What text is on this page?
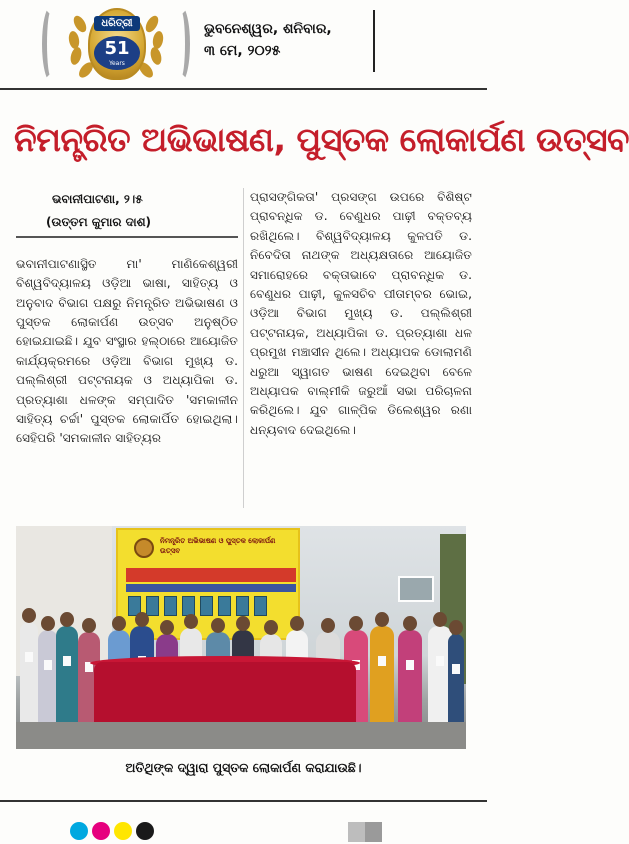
ଧରିତ୍ରୀ
51
Years
ଭୁବନେଶ୍ୱର, ଶନିବାର,
୩ ମେ, ୨୦୨୫
ନିମନ୍ତ୍ରିତ ଅଭିଭାଷଣ, ପୁସ୍ତକ ଲୋକାର୍ପଣ ଉତ୍ସବ
ଭବାନୀପାଟଣା, ୨।୫
(ଉତ୍ତମ କୁମାର ଦାଶ)

ଭବାନୀପାଟଣାସ୍ଥିତ ମା' ମାଣିକେଶ୍ୱରୀ ବିଶ୍ୱବିଦ୍ୟାଳୟ ଓଡ଼ିଆ ଭାଷା, ସାହିତ୍ୟ ଓ ଅନୁବାଦ ବିଭାଗ ପକ୍ଷରୁ ନିମନ୍ତ୍ରିତ ଅଭିଭାଷଣ ଓ ପୁସ୍ତକ ଲୋକାର୍ପଣ ଉତ୍ସବ ଅନୁଷ୍ଠିତ ହୋଇଯାଇଛି। ଯୁବ ସଂସ୍ଥାର ହଲ୍‌ଠାରେ ଆୟୋଜିତ କାର୍ଯ୍ୟକ୍ରମରେ ଓଡ଼ିଆ ବିଭାଗ ମୁଖ୍ୟ ଡ. ପଲ୍ଲିଶ୍ରୀ ପଟ୍ଟନାୟକ ଓ ଅଧ୍ୟାପିକା ଡ. ପ୍ରତ୍ୟାଶା ଧଳଙ୍କ ସମ୍ପାଦିତ 'ସମକାଳୀନ ସାହିତ୍ୟ ଚର୍ଚ୍ଚା' ପୁସ୍ତକ ଲୋକାର୍ପିତ ହୋଇଥିଲା। ସେହିପରି 'ସମକାଳୀନ ସାହିତ୍ୟର

ପ୍ରାସଙ୍ଗିକତା' ପ୍ରସଙ୍ଗ ଉପରେ ବିଶିଷ୍ଟ ପ୍ରାବନ୍ଧିକ ଡ. ବେଣୁଧର ପାଢ଼ୀ ବକ୍ତବ୍ୟ ରଖିଥିଲେ। ବିଶ୍ୱବିଦ୍ୟାଳୟ କୁଳପତି ଡ. ନିବେଦିତା ନାଥଙ୍କ ଅଧ୍ୟକ୍ଷତାରେ ଆୟୋଜିତ ସମାରୋହରେ ବକ୍ତାଭାବେ ପ୍ରାବନ୍ଧିକ ଡ. ବେଣୁଧର ପାଢ଼ୀ, କୁଳସଚିବ ପୀତାମ୍ବର ଭୋଇ, ଓଡ଼ିଆ ବିଭାଗ ମୁଖ୍ୟ ଡ. ପଲ୍ଲିଶ୍ରୀ ପଟ୍ଟନାୟକ, ଅଧ୍ୟାପିକା ଡ. ପ୍ରତ୍ୟାଶା ଧଳ ପ୍ରମୁଖ ମଞ୍ଚାସୀନ ଥିଲେ। ଅଧ୍ୟାପକ ଡୋଲାମଣି ଧରୁଆ ସ୍ୱାଗତ ଭାଷଣ ଦେଇଥିବା ବେଳେ ଅଧ୍ୟାପକ ବାଲ୍ମୀକି ଜରୁଆଁ ସଭା ପରିଚାଳନା କରିଥିଲେ। ଯୁବ ଗାଳ୍ପିକ ଡିଲେଶ୍ୱର ରଣା ଧନ୍ୟବାଦ ଦେଇଥିଲେ।

ନିମନ୍ତ୍ରିତ ଅଭିଭାଷଣ ଓ ପୁସ୍ତକ ଲୋକାର୍ପଣ ଉତ୍ସବ
ଅତିଥିଙ୍କ ଦ୍ୱାରା ପୁସ୍ତକ ଲୋକାର୍ପଣ କରାଯାଉଛି।
